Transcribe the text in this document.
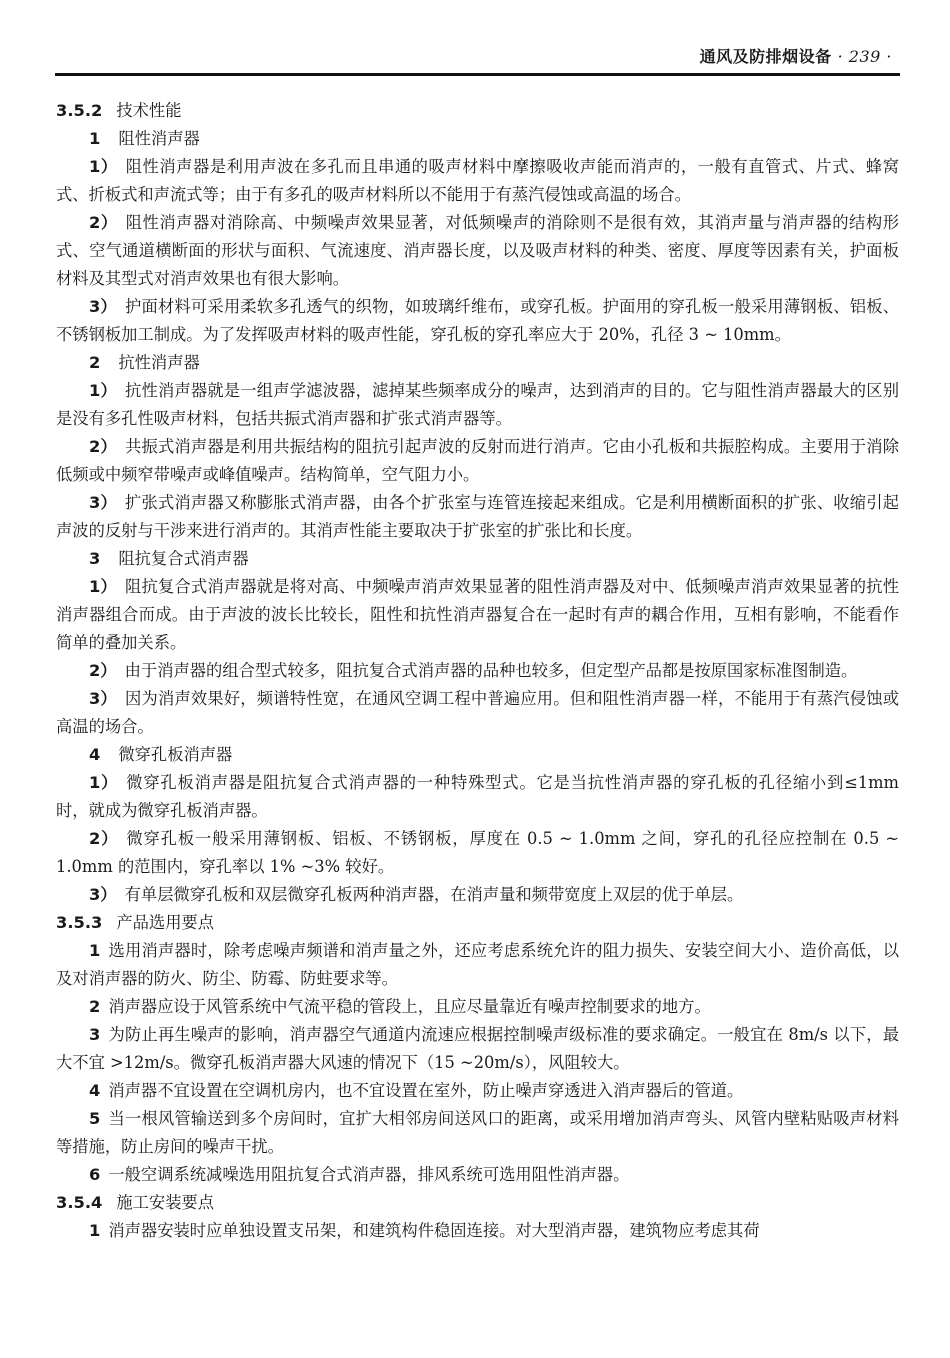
通风及防排烟设备 · 239 ·
3.5.2 技术性能
1 阻性消声器
1） 阻性消声器是利用声波在多孔而且串通的吸声材料中摩擦吸收声能而消声的，一般有直管式、片式、蜂窝式、折板式和声流式等；由于有多孔的吸声材料所以不能用于有蒸汽侵蚀或高温的场合。
2） 阻性消声器对消除高、中频噪声效果显著，对低频噪声的消除则不是很有效，其消声量与消声器的结构形式、空气通道横断面的形状与面积、气流速度、消声器长度，以及吸声材料的种类、密度、厚度等因素有关，护面板材料及其型式对消声效果也有很大影响。
3） 护面材料可采用柔软多孔透气的织物，如玻璃纤维布，或穿孔板。护面用的穿孔板一般采用薄钢板、铝板、不锈钢板加工制成。为了发挥吸声材料的吸声性能，穿孔板的穿孔率应大于 20%，孔径 3 ~ 10mm。
2 抗性消声器
1） 抗性消声器就是一组声学滤波器，滤掉某些频率成分的噪声，达到消声的目的。它与阻性消声器最大的区别是没有多孔性吸声材料，包括共振式消声器和扩张式消声器等。
2） 共振式消声器是利用共振结构的阻抗引起声波的反射而进行消声。它由小孔板和共振腔构成。主要用于消除低频或中频窄带噪声或峰值噪声。结构简单，空气阻力小。
3） 扩张式消声器又称膨胀式消声器，由各个扩张室与连管连接起来组成。它是利用横断面积的扩张、收缩引起声波的反射与干涉来进行消声的。其消声性能主要取决于扩张室的扩张比和长度。
3 阻抗复合式消声器
1） 阻抗复合式消声器就是将对高、中频噪声消声效果显著的阻性消声器及对中、低频噪声消声效果显著的抗性消声器组合而成。由于声波的波长比较长，阻性和抗性消声器复合在一起时有声的耦合作用，互相有影响，不能看作简单的叠加关系。
2） 由于消声器的组合型式较多，阻抗复合式消声器的品种也较多，但定型产品都是按原国家标准图制造。
3） 因为消声效果好，频谱特性宽，在通风空调工程中普遍应用。但和阻性消声器一样，不能用于有蒸汽侵蚀或高温的场合。
4 微穿孔板消声器
1） 微穿孔板消声器是阻抗复合式消声器的一种特殊型式。它是当抗性消声器的穿孔板的孔径缩小到≤1mm 时，就成为微穿孔板消声器。
2） 微穿孔板一般采用薄钢板、铝板、不锈钢板，厚度在 0.5 ~ 1.0mm 之间，穿孔的孔径应控制在 0.5 ~ 1.0mm 的范围内，穿孔率以 1% ~3% 较好。
3） 有单层微穿孔板和双层微穿孔板两种消声器，在消声量和频带宽度上双层的优于单层。
3.5.3 产品选用要点
1 选用消声器时，除考虑噪声频谱和消声量之外，还应考虑系统允许的阻力损失、安装空间大小、造价高低，以及对消声器的防火、防尘、防霉、防蛀要求等。
2 消声器应设于风管系统中气流平稳的管段上，且应尽量靠近有噪声控制要求的地方。
3 为防止再生噪声的影响，消声器空气通道内流速应根据控制噪声级标准的要求确定。一般宜在 8m/s 以下，最大不宜 >12m/s。微穿孔板消声器大风速的情况下（15 ~20m/s），风阻较大。
4 消声器不宜设置在空调机房内，也不宜设置在室外，防止噪声穿透进入消声器后的管道。
5 当一根风管输送到多个房间时，宜扩大相邻房间送风口的距离，或采用增加消声弯头、风管内壁粘贴吸声材料等措施，防止房间的噪声干扰。
6 一般空调系统减噪选用阻抗复合式消声器，排风系统可选用阻性消声器。
3.5.4 施工安装要点
1 消声器安装时应单独设置支吊架，和建筑构件稳固连接。对大型消声器，建筑物应考虑其荷
